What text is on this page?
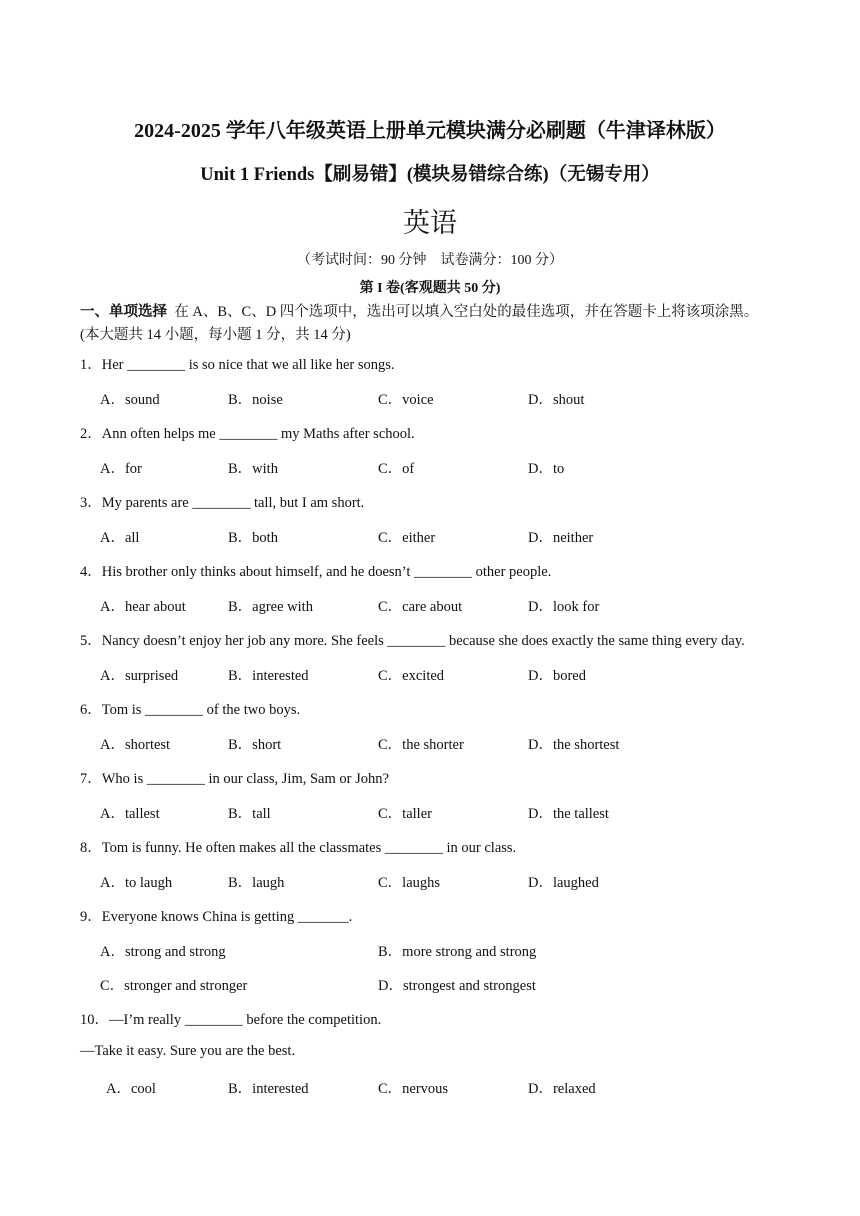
2024-2025 学年八年级英语上册单元模块满分必刷题（牛津译林版）
Unit 1 Friends【刷易错】(模块易错综合练)（无锡专用）
英语
（考试时间：90 分钟　试卷满分：100 分）
第 I 卷(客观题共 50 分)
一、单项选择 在 A、B、C、D 四个选项中，选出可以填入空白处的最佳选项，并在答题卡上将该项涂黑。
(本大题共 14 小题，每小题 1 分，共 14 分)
1．Her ________ is so nice that we all like her songs.
A．sound	B．noise	C．voice	D．shout
2．Ann often helps me ________ my Maths after school.
A．for	B．with	C．of	D．to
3．My parents are ________ tall, but I am short.
A．all	B．both	C．either	D．neither
4．His brother only thinks about himself, and he doesn’t ________ other people.
A．hear about	B．agree with	C．care about	D．look for
5．Nancy doesn’t enjoy her job any more. She feels ________ because she does exactly the same thing every day.
A．surprised	B．interested	C．excited	D．bored
6．Tom is ________ of the two boys.
A．shortest	B．short	C．the shorter	D．the shortest
7．Who is ________ in our class, Jim, Sam or John?
A．tallest	B．tall	C．taller	D．the tallest
8．Tom is funny. He often makes all the classmates ________ in our class.
A．to laugh	B．laugh	C．laughs	D．laughed
9．Everyone knows China is getting _______.
A．strong and strong	B．more strong and strong
C．stronger and stronger	D．strongest and strongest
10．—I’m really ________ before the competition.
—Take it easy. Sure you are the best.
A．cool	B．interested	C．nervous	D．relaxed
